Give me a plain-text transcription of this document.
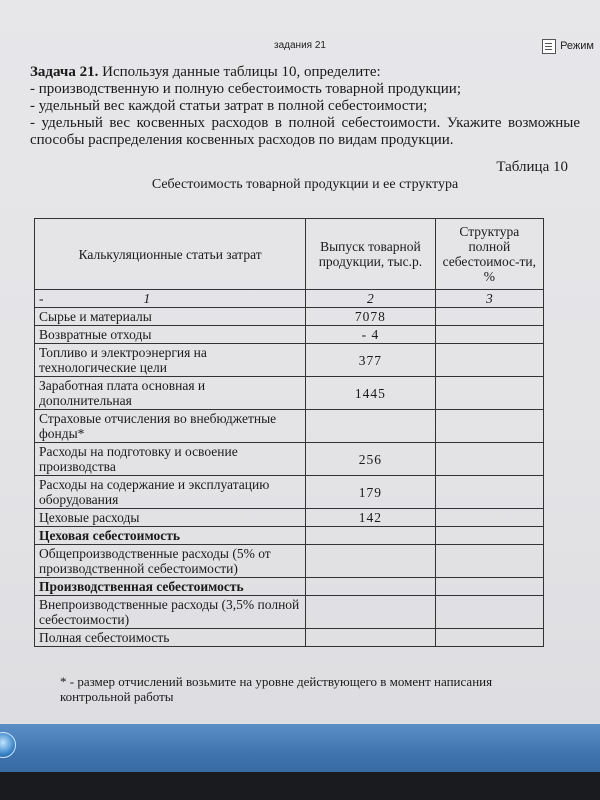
задания 21	Режим
Задача 21. Используя данные таблицы 10, определите:
- производственную и полную себестоимость товарной продукции;
- удельный вес каждой статьи затрат в полной себестоимости;
- удельный вес косвенных расходов в полной себестоимости. Укажите возможные способы распределения косвенных расходов по видам продукции.
Таблица 10
Себестоимость товарной продукции и ее структура
Калькуляционные статьи затрат	Выпуск товарной продукции, тыс.р.	Структура полной себестоимос-ти, %
- 1	2	3
Сырье и материалы	7078	
Возвратные отходы	- 4	
Топливо и электроэнергия на технологические цели	377	
Заработная плата основная и дополнительная	1445	
Страховые отчисления во внебюджетные фонды*		
Расходы на подготовку и освоение производства	256	
Расходы на содержание и эксплуатацию оборудования	179	
Цеховые расходы	142	
Цеховая себестоимость		
Общепроизводственные расходы (5% от производственной себестоимости)		
Производственная себестоимость		
Внепроизводственные расходы (3,5% полной себестоимости)		
Полная себестоимость		
* - размер отчислений возьмите на уровне действующего в момент написания контрольной работы
